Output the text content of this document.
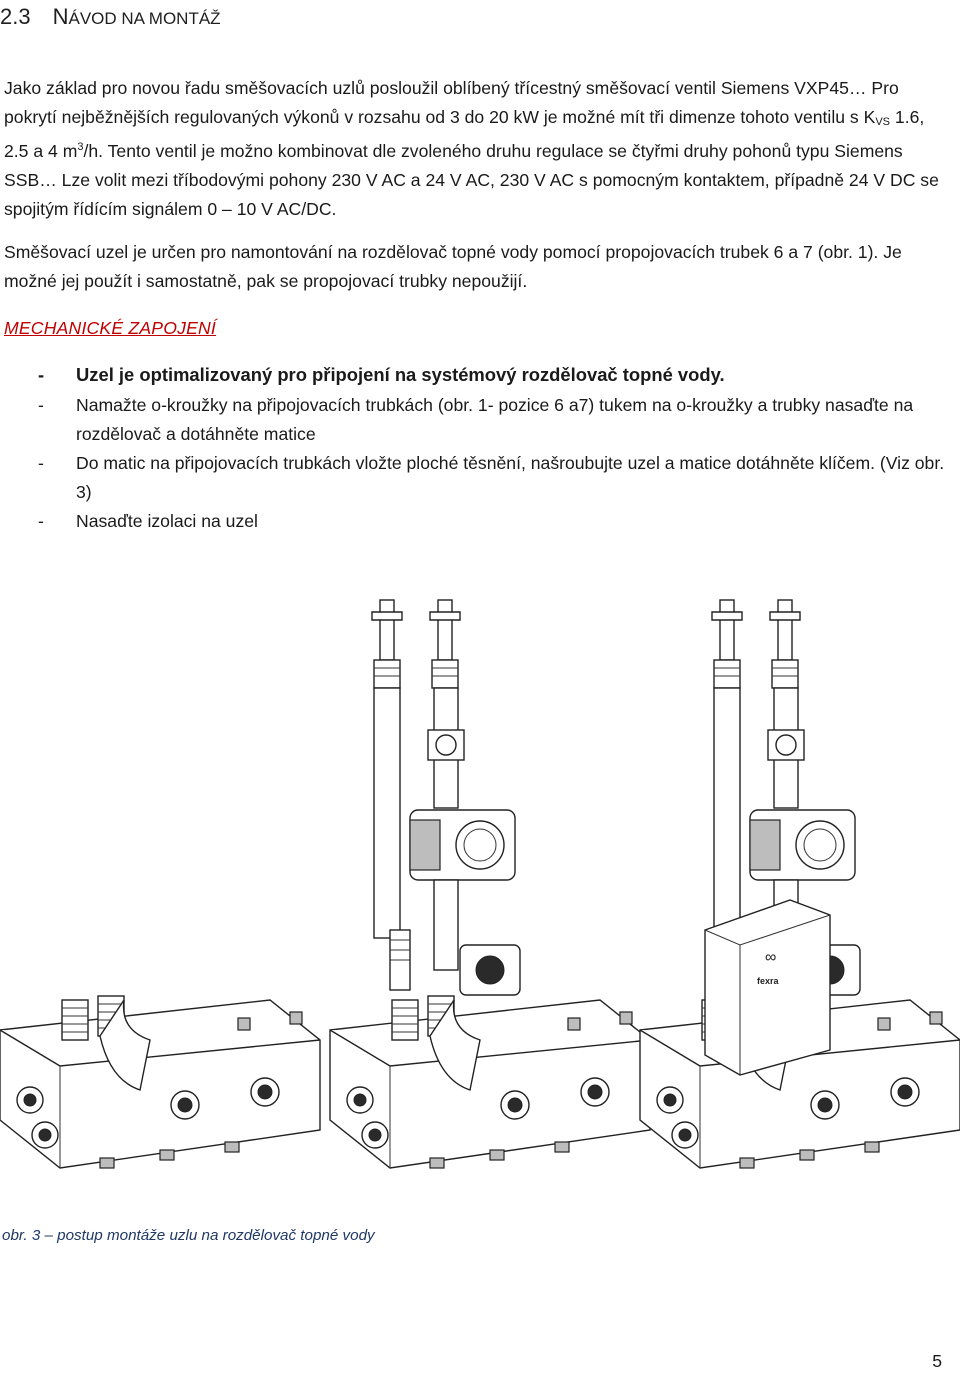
2.3 NÁVOD NA MONTÁŽ
Jako základ pro novou řadu směšovacích uzlů posloužil oblíbený třícestný směšovací ventil Siemens VXP45… Pro pokrytí nejběžnějších regulovaných výkonů v rozsahu od 3 do 20 kW je možné mít tři dimenze tohoto ventilu s $K_{VS}$ 1.6, 2.5 a 4 $m^3/h$. Tento ventil je možno kombinovat dle zvoleného druhu regulace se čtyřmi druhy pohonů typu Siemens SSB… Lze volit mezi tříbodovými pohony 230 V AC a 24 V AC, 230 V AC s pomocným kontaktem, případně 24 V DC se spojitým řídícím signálem 0 – 10 V AC/DC.
Směšovací uzel je určen pro namontování na rozdělovač topné vody pomocí propojovacích trubek 6 a 7 (obr. 1). Je možné jej použít i samostatně, pak se propojovací trubky nepoužijí.
MECHANICKÉ ZAPOJENÍ
- Uzel je optimalizovaný pro připojení na systémový rozdělovač topné vody.
- Namažte o-kroužky na připojovacích trubkách (obr. 1- pozice 6 a7) tukem na o-kroužky a trubky nasaďte na rozdělovač a dotáhněte matice
- Do matic na připojovacích trubkách vložte ploché těsnění, našroubujte uzel a matice dotáhněte klíčem. (Viz obr. 3)
- Nasaďte izolaci na uzel
∞
fexra
obr. 3 – postup montáže uzlu na rozdělovač topné vody
5
